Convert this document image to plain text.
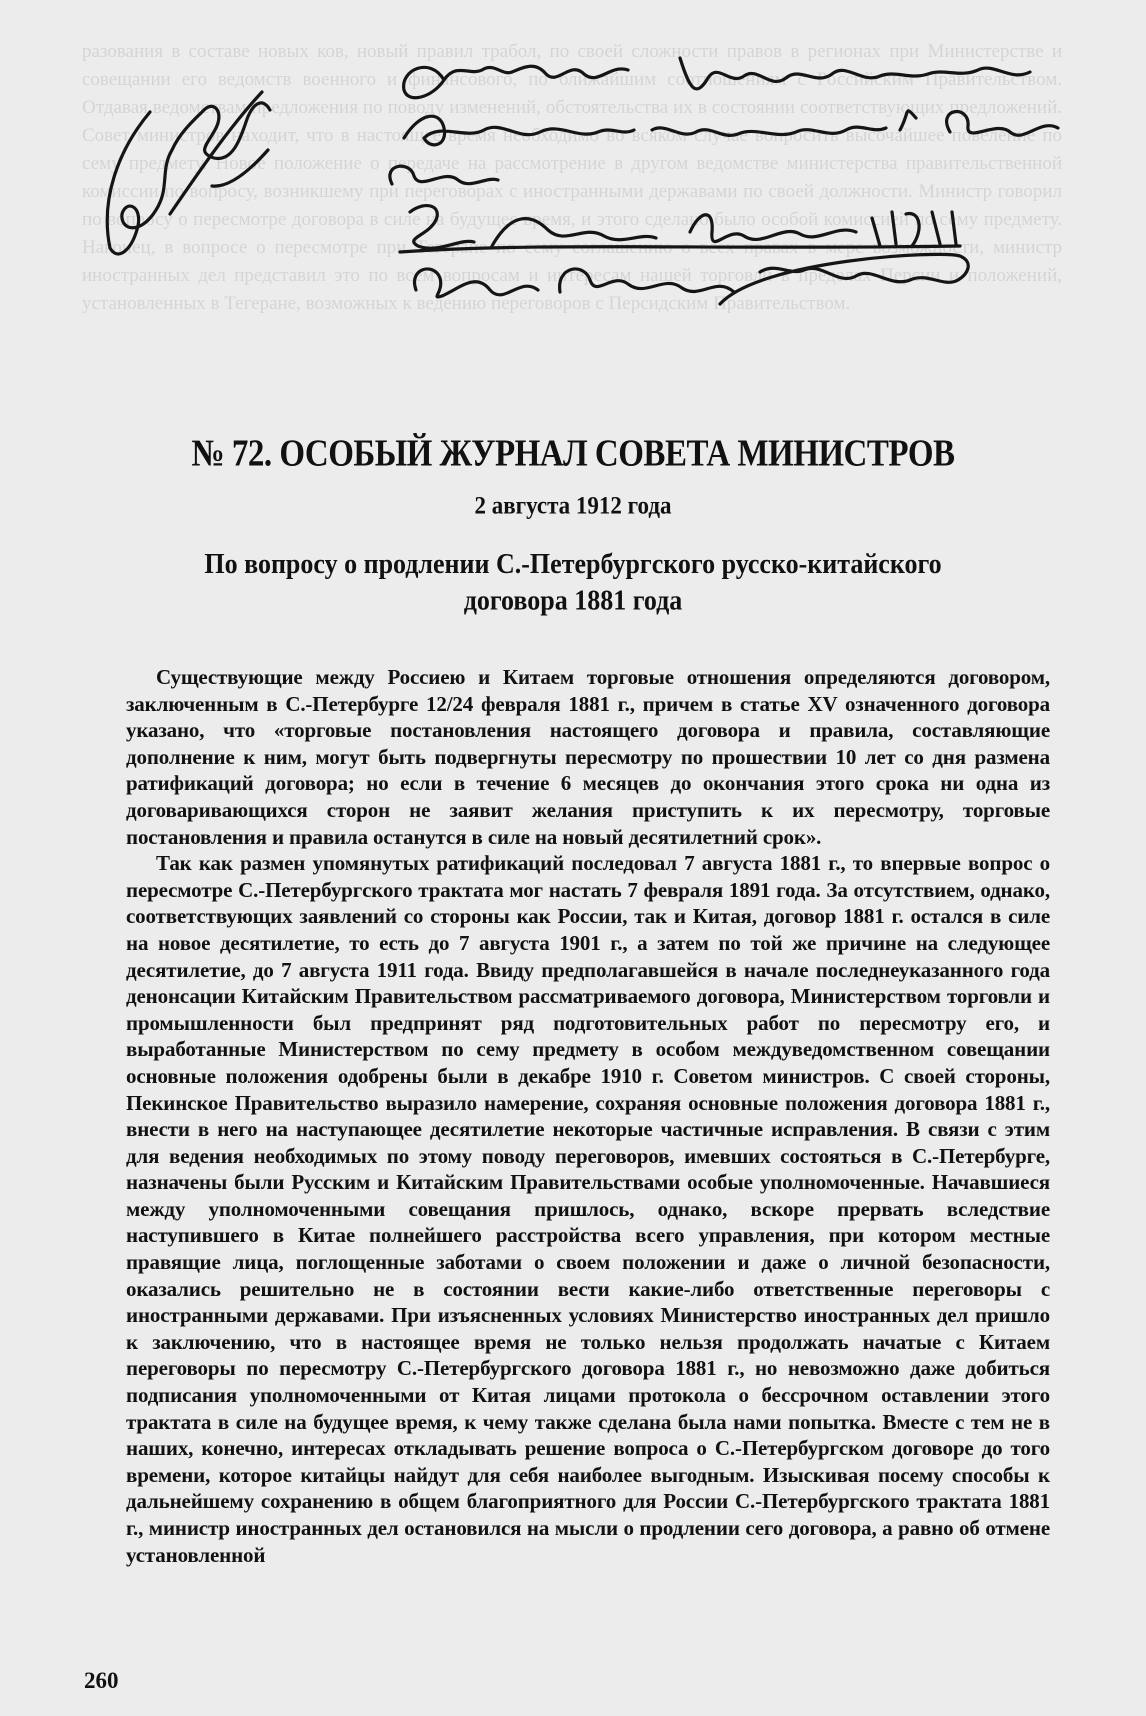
разования в составе новых ков, новый правил трабол, по своей сложности правов в регионах при Министерстве и совещании его ведомств военного и финансового, по ближайшим соотношениям с Российским Правительством. Отдавая ведомствам предложения по поводу изменений, обстоятельства их в состоянии соответствующих предложений. Совет министров находит, что в настоящее время необходимо во всяком случае вопросить высочайшее повеление по сему предмету. Новое положение о передаче на рассмотрение в другом ведомстве министерства правительственной комиссии по вопросу, возникшему при переговорах с иностранными державами по своей должности. Министр говорил по вопросу о пересмотре договора в силе на будущее время, и этого сделано было особой комиссией по сему предмету. Наконец, в вопросе о пересмотре при Тегеране по сему соглашению о всех правах в мере возможности, министр иностранных дел представил это по всем вопросам и интересам нашей торговли в пределах Персии и положений, установленных в Тегеране, возможных к ведению переговоров с Персидским Правительством.
№ 72. ОСОБЫЙ ЖУРНАЛ СОВЕТА МИНИСТРОВ
2 августа 1912 года
По вопросу о продлении С.-Петербургского русско-китайского
договора 1881 года

Существующие между Россиею и Китаем торговые отношения определяются договором, заключенным в С.-Петербурге 12/24 февраля 1881 г., причем в статье XV означенного договора указано, что «торговые постановления настоящего договора и правила, составляющие дополнение к ним, могут быть подвергнуты пересмотру по прошествии 10 лет со дня размена ратификаций договора; но если в течение 6 месяцев до окончания этого срока ни одна из договаривающихся сторон не заявит желания приступить к их пересмотру, торговые постановления и правила останутся в силе на новый десятилетний срок».

Так как размен упомянутых ратификаций последовал 7 августа 1881 г., то впервые вопрос о пересмотре С.-Петербургского трактата мог настать 7 февраля 1891 года. За отсутствием, однако, соответствующих заявлений со стороны как России, так и Китая, договор 1881 г. остался в силе на новое десятилетие, то есть до 7 августа 1901 г., а затем по той же причине на следующее десятилетие, до 7 августа 1911 года. Ввиду предполагавшейся в начале последнеуказанного года денонсации Китайским Правительством рассматриваемого договора, Министерством торговли и промышленности был предпринят ряд подготовительных работ по пересмотру его, и выработанные Министерством по сему предмету в особом междуведомственном совещании основные положения одобрены были в декабре 1910 г. Советом министров. С своей стороны, Пекинское Правительство выразило намерение, сохраняя основные положения договора 1881 г., внести в него на наступающее десятилетие некоторые частичные исправления. В связи с этим для ведения необходимых по этому поводу переговоров, имевших состояться в С.-Петербурге, назначены были Русским и Китайским Правительствами особые уполномоченные. Начавшиеся между уполномоченными совещания пришлось, однако, вскоре прервать вследствие наступившего в Китае полнейшего расстройства всего управления, при котором местные правящие лица, поглощенные заботами о своем положении и даже о личной безопасности, оказались решительно не в состоянии вести какие-либо ответственные переговоры с иностранными державами. При изъясненных условиях Министерство иностранных дел пришло к заключению, что в настоящее время не только нельзя продолжать начатые с Китаем переговоры по пересмотру С.-Петербургского договора 1881 г., но невозможно даже добиться подписания уполномоченными от Китая лицами протокола о бессрочном оставлении этого трактата в силе на будущее время, к чему также сделана была нами попытка. Вместе с тем не в наших, конечно, интересах откладывать решение вопроса о С.-Петербургском договоре до того времени, которое китайцы найдут для себя наиболее выгодным. Изыскивая посему способы к дальнейшему сохранению в общем благоприятного для России С.-Петербургского трактата 1881 г., министр иностранных дел остановился на мысли о продлении сего договора, а равно об отмене установленной

260
